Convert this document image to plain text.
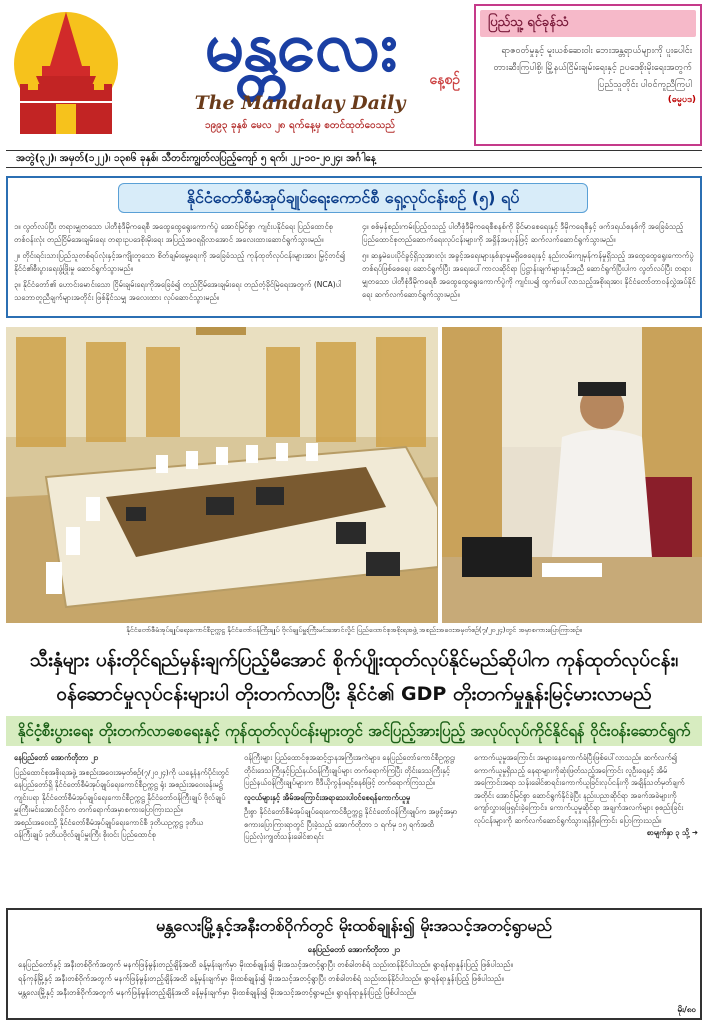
မန္တလေး	နေ့စဉ်
The Mandalay Daily
၁၉၉၃ ခုနှစ် မေလ ၂၈ ရက်နေ့မှ စတင်ထုတ်ဝေသည်
ပြည်သူ့ ရင်ခုန်သံ
ရာဇဝတ်မှုနှင့် မူးယစ်ဆေးဝါး ဘေးအန္တရာယ်များကို ပူးပေါင်းတားဆီးကြပါစို့၊ မြို့နယ်ငြိမ်းချမ်းရေးနှင့် ဥပဒေစိုးမိုးရေးအတွက် ပြည်သူတိုင်း ပါဝင်ကူညီကြပါ
(ဓမ္မပဒ)
အတွဲ(၃၂)၊ အမှတ်(၁၂၂)၊ ၁၃၈၆ ခုနှစ်၊ သီတင်းကျွတ်လပြည့်ကျော် ၅ ရက်၊ ၂၂-၁၀-၂၀၂၄၊ အင်္ဂါနေ့
နိုင်ငံတော်စီမံအုပ်ချုပ်ရေးကောင်စီ ရှေ့လုပ်ငန်းစဉ် (၅) ရပ်

၁။ လွတ်လပ်ပြီး တရားမျှတသော ပါတီစုံဒီမိုကရေစီ အထွေထွေရွေးကောက်ပွဲ အောင်မြင်စွာ ကျင်းပနိုင်ရေး ပြည်ထောင်စုတစ်ဝန်းလုံး တည်ငြိမ်အေးချမ်းရေး တရားဥပဒေစိုးမိုးရေး အပြည့်အဝရရှိလာအောင် အလေးထားဆောင်ရွက်သွားမည်။

၂။ တိုင်းရင်းသားပြည်သူတစ်ရပ်လုံးနှင့်အကျိုးတူသော စိတ်ချမ်းမွေ့ရေးကို အခြေခံသည့် ကုန်ထုတ်လုပ်ငန်းများအား မြှင့်တင်၍ နိုင်ငံ၏စီးပွားရေးဖွံ့ဖြိုးမှု ဆောင်ရွက်သွားမည်။

၃။ နိုင်ငံတော်၏ ဟောင်းမောင်းသော ငြိမ်းချမ်းရေးကိုအခြေခံ၍ တည်ငြိမ်အေးချမ်းရေး တည်တံ့ခိုင်မြဲရေးအတွက် (NCA)ပါ သဘောတူညီချက်များအတိုင်း ဖြစ်နိုင်သမျှ အလေးထား လုပ်ဆောင်သွားမည်။

၄။ စစ်မှန်စည်းကမ်းပြည့်ဝသည့် ပါတီစုံဒီမိုကရေစီစနစ်ကို ခိုင်မာစေရေးနှင့် ဒီမိုကရေစီနှင့် ဖက်ဒရယ်စနစ်ကို အခြေခံသည့် ပြည်ထောင်စုတည်ဆောက်ရေးလုပ်ငန်းများကို အရှိန်အဟုန်ဖြင့် ဆက်လက်ဆောင်ရွက်သွားမည်။

၅။ ဆန္ဒမဲပေးပိုင်ခွင့်ရှိသူအားလုံး အခွင့်အရေးများနှစ်နာမှုမရှိစေရေးနှင့် နည်းလမ်းကျမှန်ကန်မှုရှိသည့် အထွေထွေရွေးကောက်ပွဲတစ်ရပ်ဖြစ်စေရေး ဆောင်ရွက်ပြီး အရေးပေါ်ကာလဆိုင်ရာ ပြဋ္ဌာန်းချက်များနှင့်အညီ ဆောင်ရွက်ပြီးပါက လွတ်လပ်ပြီး တရားမျှတသော ပါတီစုံဒီမိုကရေစီ အထွေထွေရွေးကောက်ပွဲကို ကျင်းပ၍ ထွက်ပေါ်လာသည့်အစိုးရအား နိုင်ငံတော်တာဝန်လွှဲအပ်နိုင်ရေး ဆက်လက်ဆောင်ရွက်သွားမည်။

နိုင်ငံတော်စီမံအုပ်ချုပ်ရေးကောင်စီဥက္ကဋ္ဌ နိုင်ငံတော်ဝန်ကြီးချုပ် ဗိုလ်ချုပ်မှူးကြီးမင်းအောင်လှိုင် ပြည်ထောင်စုအစိုးရအဖွဲ့ အစည်းအဝေးအမှတ်စဉ်(၇/၂၀၂၄)တွင် အမှာစကားပြောကြားစဉ်။
သီးနှံများ ပန်းတိုင်ရည်မှန်းချက်ပြည့်မီအောင် စိုက်ပျိုးထုတ်လုပ်နိုင်မည်ဆိုပါက ကုန်ထုတ်လုပ်ငန်း၊
ဝန်ဆောင်မှုလုပ်ငန်းများပါ တိုးတက်လာပြီး နိုင်ငံ၏ GDP တိုးတက်မှုနှုန်းမြင့်မားလာမည်
နိုင်ငံ့စီးပွားရေး တိုးတက်လာစေရေးနှင့် ကုန်ထုတ်လုပ်ငန်းများတွင် အင်ပြည့်အားပြည့် အလုပ်လုပ်ကိုင်နိုင်ရန် ဝိုင်းဝန်းဆောင်ရွက်
နေပြည်တော် အောက်တိုဘာ ၂၁
ပြည်ထောင်စုအစိုးရအဖွဲ့ အစည်းအဝေးအမှတ်စဉ်(၇/၂၀၂၄)ကို ယနေ့နံနက်ပိုင်းတွင် နေပြည်တော်ရှိ နိုင်ငံတော်စီမံအုပ်ချုပ်ရေးကောင်စီဥက္ကဋ္ဌ ရုံး အစည်းအဝေးခန်းမ၌ ကျင်းပရာ နိုင်ငံတော်စီမံအုပ်ချုပ်ရေးကောင်စီဥက္ကဋ္ဌ နိုင်ငံတော်ဝန်ကြီးချုပ် ဗိုလ်ချုပ်မှူးကြီးမင်းအောင်လှိုင်က တက်ရောက်အမှာစကားပြောကြားသည်။
အစည်းအဝေးသို့ နိုင်ငံတော်စီမံအုပ်ချုပ်ရေးကောင်စီ ဒုတိယဥက္ကဋ္ဌ ဒုတိယဝန်ကြီးချုပ် ဒုတိယဗိုလ်ချုပ်မှူးကြီး စိုးဝင်း ပြည်ထောင်စု
ဝန်ကြီးများ ပြည်ထောင်စုအဆင့်ဌာနအကြီးအကဲများ၊ နေပြည်တော်ကောင်စီဥက္ကဋ္ဌ၊ တိုင်းဒေသကြီးနှင့်ပြည်နယ်ဝန်ကြီးချုပ်များ တက်ရောက်ကြပြီး တိုင်းဒေသကြီးနှင့် ပြည်နယ်ဝန်ကြီးချုပ်များက ဗီဒီယိုကွန်ဖရင့်စနစ်ဖြင့် တက်ရောက်ကြသည်။
လူငယ်များနှင့် အိမ်အကြောင်းအရာသေးပါဝင်စေရန်ကောက်ယူမှု
ဦးစွာ နိုင်ငံတော်စီမံအုပ်ချုပ်ရေးကောင်စီဥက္ကဋ္ဌ နိုင်ငံတော်ဝန်ကြီးချုပ်က အဖွင့်အမှာစကားပြောကြားရာတွင် ပြီးခဲ့သည့် အောက်တိုဘာ ၁ ရက်မှ ၁၅ ရက်အထိ ပြည်လုံးကျွတ်သန်းခေါင်စာရင်း
ကောက်ယူမှုအကြောင်း အများနေကောက်ခံပြီးဖြစ်ပေါ်လာသည်။ ဆက်လက်၍ ကောက်ယူမှုရှိသည့် နေရာများကိုဆုံးဖြတ်သည့်အကြောင်း လူဦးရေနှင့် အိမ်အကြောင်းအရာ သန်းခေါင်စာရင်းကောက်ယူခြင်းလုပ်ငန်းကို အချိန်သတ်မှတ်ချက်အတိုင်း အောင်မြင်စွာ ဆောင်ရွက်နိုင်ခဲ့ပြီး နည်းပညာဆိုင်ရာ အခက်အခဲများကို ကျော်လွှားဖြေရှင်းခဲ့ကြောင်း၊ ကောက်ယူမှုဆိုင်ရာ အချက်အလက်များ စုစည်းခြင်း လုပ်ငန်းများကို ဆက်လက်ဆောင်ရွက်သွားရန်ရှိကြောင်း ပြောကြားသည်။
စာမျက်နှာ ၃ သို့ ➜
မန္တလေးမြို့နှင့်အနီးတစ်ဝိုက်တွင် မိုးထစ်ချုန်း၍ မိုးအသင့်အတင့်ရွာမည်
နေပြည်တော် အောက်တိုဘာ ၂၁
နေပြည်တော်နှင့် အနီးတစ်ဝိုက်အတွက် မနက်ဖြန်မွန်းတည့်ချိန်အထိ ခန့်မှန်းချက်မှာ မိုးထစ်ချုန်း၍ မိုးအသင့်အတင့်ရွာပြီး တစ်ခါတစ်ရံ သည်းထန်နိုင်ပါသည်။ ရွာရန်ရာနှုန်းပြည့် ဖြစ်ပါသည်။
ရန်ကုန်မြို့နှင့် အနီးတစ်ဝိုက်အတွက် မနက်ဖြန်မွန်းတည့်ချိန်အထိ ခန့်မှန်းချက်မှာ မိုးထစ်ချုန်း၍ မိုးအသင့်အတင့်ရွာပြီး တစ်ခါတစ်ရံ သည်းထန်နိုင်ပါသည်။ ရွာရန်ရာနှုန်းပြည့် ဖြစ်ပါသည်။
မန္တလေးမြို့နှင့် အနီးတစ်ဝိုက်အတွက် မနက်ဖြန်မွန်းတည့်ချိန်အထိ ခန့်မှန်းချက်မှာ မိုးထစ်ချုန်း၍ မိုးအသင့်အတင့်ရွာမည်။ ရွာရန်ရာနှုန်းပြည့် ဖြစ်ပါသည်။
မိုး/၈၀
